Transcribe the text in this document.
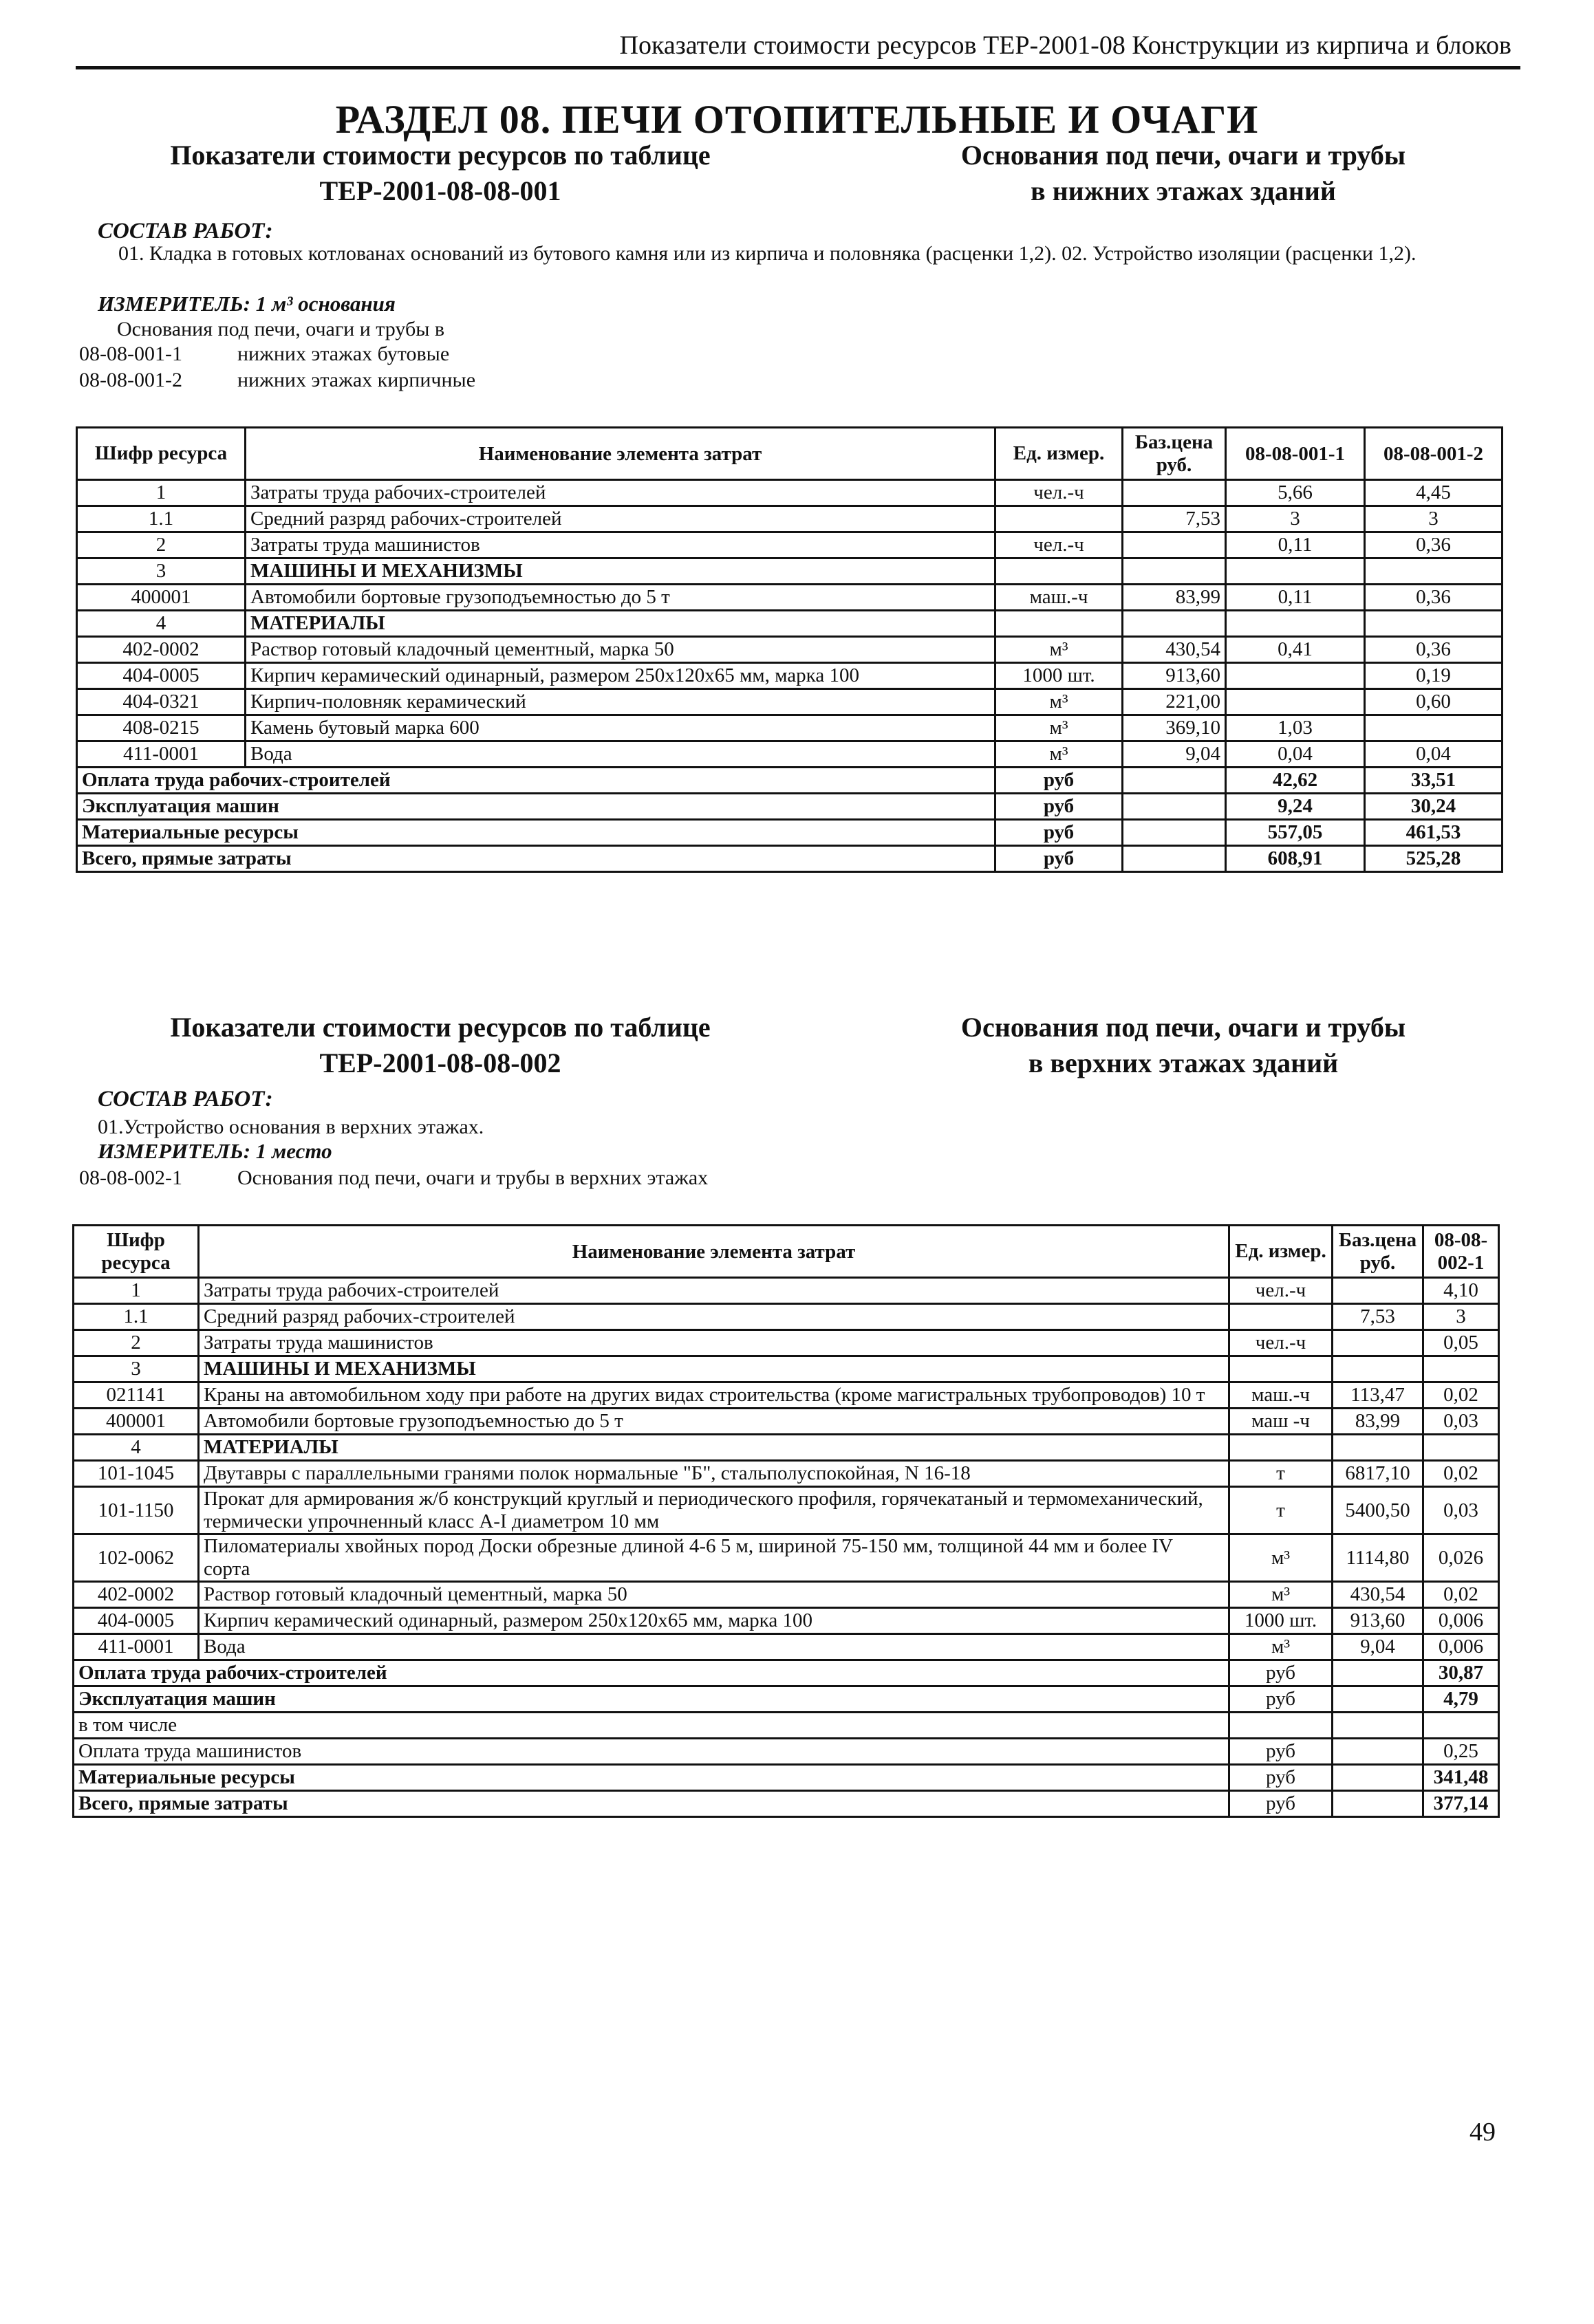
Показатели стоимости ресурсов ТЕР-2001-08 Конструкции из кирпича и блоков
РАЗДЕЛ 08. ПЕЧИ ОТОПИТЕЛЬНЫЕ И ОЧАГИ
Показатели стоимости ресурсов по таблице
ТЕР-2001-08-08-001
Основания под печи, очаги и трубы
в нижних этажах зданий
СОСТАВ РАБОТ:
01. Кладка в готовых котлованах оснований из бутового камня или из кирпича и половняка (расценки 1,2). 02. Устройство изоляции (расценки 1,2).
ИЗМЕРИТЕЛЬ: 1 м³ основания
Основания под печи, очаги и трубы в
08-08-001-1	нижних этажах бутовые
08-08-001-2	нижних этажах кирпичные
Шифр ресурса	Наименование элемента затрат	Ед. измер.	Баз.цена руб.	08-08-001-1	08-08-001-2
1	Затраты труда рабочих-строителей	чел.-ч		5,66	4,45
1.1	Средний разряд рабочих-строителей		7,53	3	3
2	Затраты труда машинистов	чел.-ч		0,11	0,36
3	МАШИНЫ И МЕХАНИЗМЫ				
400001	Автомобили бортовые грузоподъемностью до 5 т	маш.-ч	83,99	0,11	0,36
4	МАТЕРИАЛЫ				
402-0002	Раствор готовый кладочный цементный, марка 50	м³	430,54	0,41	0,36
404-0005	Кирпич керамический одинарный, размером 250х120х65 мм, марка 100	1000 шт.	913,60		0,19
404-0321	Кирпич-половняк керамический	м³	221,00		0,60
408-0215	Камень бутовый марка 600	м³	369,10	1,03	
411-0001	Вода	м³	9,04	0,04	0,04
Оплата труда рабочих-строителей		руб		42,62	33,51
Эксплуатация машин		руб		9,24	30,24
Материальные ресурсы		руб		557,05	461,53
Всего, прямые затраты		руб		608,91	525,28
Показатели стоимости ресурсов по таблице
ТЕР-2001-08-08-002
Основания под печи, очаги и трубы
в верхних этажах зданий
СОСТАВ РАБОТ:
01.Устройство основания в верхних этажах.
ИЗМЕРИТЕЛЬ: 1 место
08-08-002-1	Основания под печи, очаги и трубы в верхних этажах
Шифр ресурса	Наименование элемента затрат	Ед. измер.	Баз.цена руб.	08-08-002-1
1	Затраты труда рабочих-строителей	чел.-ч		4,10
1.1	Средний разряд рабочих-строителей		7,53	3
2	Затраты труда машинистов	чел.-ч		0,05
3	МАШИНЫ И МЕХАНИЗМЫ			
021141	Краны на автомобильном ходу при работе на других видах строительства (кроме магистральных трубопроводов) 10 т	маш.-ч	113,47	0,02
400001	Автомобили бортовые грузоподъемностью до 5 т	маш -ч	83,99	0,03
4	МАТЕРИАЛЫ			
101-1045	Двутавры с параллельными гранями полок нормальные "Б", стальполуспокойная, N 16-18	т	6817,10	0,02
101-1150	Прокат для армирования ж/б конструкций круглый и периодического профиля, горячекатаный и термомеханический, термически упрочненный класс А-I диаметром 10 мм	т	5400,50	0,03
102-0062	Пиломатериалы хвойных пород Доски обрезные длиной 4-6 5 м, шириной 75-150 мм, толщиной 44 мм и более IV сорта	м³	1114,80	0,026
402-0002	Раствор готовый кладочный цементный, марка 50	м³	430,54	0,02
404-0005	Кирпич керамический одинарный, размером 250х120х65 мм, марка 100	1000 шт.	913,60	0,006
411-0001	Вода	м³	9,04	0,006
Оплата труда рабочих-строителей		руб		30,87
Эксплуатация машин		руб		4,79
в том числе				
Оплата труда машинистов		руб		0,25
Материальные ресурсы		руб		341,48
Всего, прямые затраты		руб		377,14
49
